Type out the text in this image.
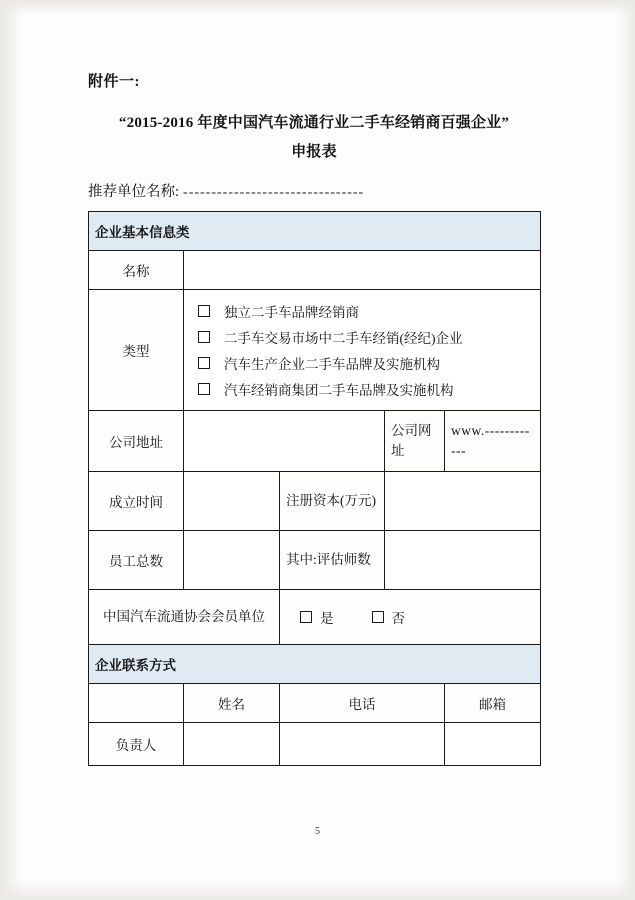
附件一:
“2015-2016 年度中国汽车流通行业二手车经销商百强企业”
申报表
推荐单位名称: --------------------------------
企业基本信息类				
名称				
类型	独立二手车品牌经销商
二手车交易市场中二手车经销(经纪)企业
汽车生产企业二手车品牌及实施机构
汽车经销商集团二手车品牌及实施机构			

公司地址			公司网址	www.--------- ---
成立时间		注册资本(万元)		
员工总数		其中:评估师数		
中国汽车流通协会会员单位		是 否		

企业联系方式				
	姓名	电话		邮箱
负责人				
5
